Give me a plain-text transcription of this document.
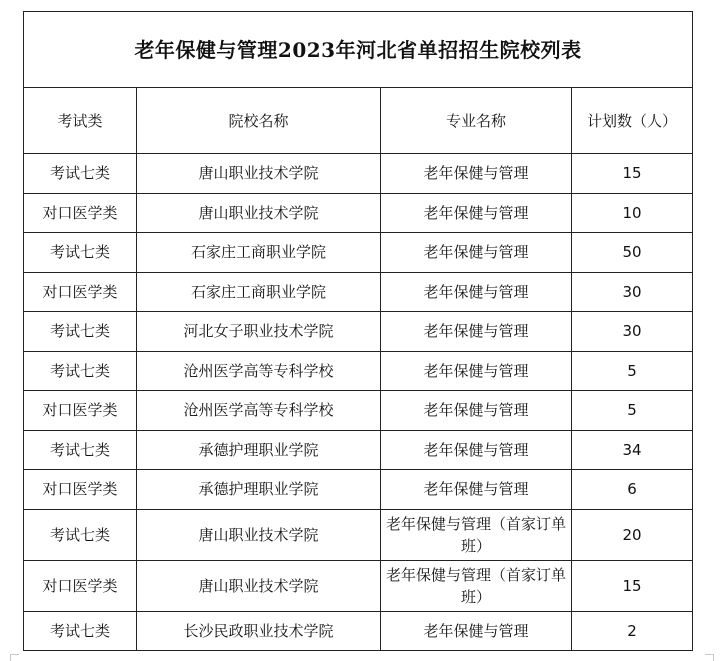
老年保健与管理2023年河北省单招招生院校列表			
考试类	院校名称	专业名称	计划数（人）
考试七类	唐山职业技术学院	老年保健与管理	15
对口医学类	唐山职业技术学院	老年保健与管理	10
考试七类	石家庄工商职业学院	老年保健与管理	50
对口医学类	石家庄工商职业学院	老年保健与管理	30
考试七类	河北女子职业技术学院	老年保健与管理	30
考试七类	沧州医学高等专科学校	老年保健与管理	5
对口医学类	沧州医学高等专科学校	老年保健与管理	5
考试七类	承德护理职业学院	老年保健与管理	34
对口医学类	承德护理职业学院	老年保健与管理	6
考试七类	唐山职业技术学院	老年保健与管理（首家订单班）	20
对口医学类	唐山职业技术学院	老年保健与管理（首家订单班）	15
考试七类	长沙民政职业技术学院	老年保健与管理	2
